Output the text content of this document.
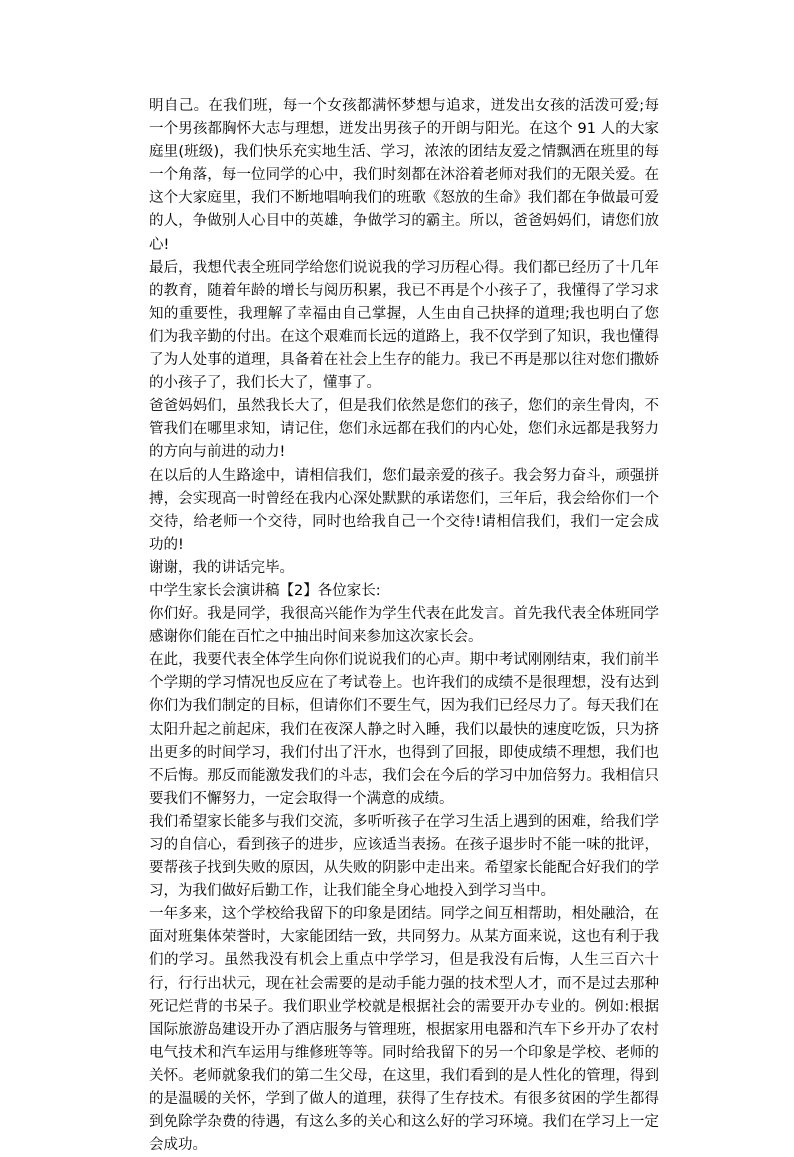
明自己。在我们班，每一个女孩都满怀梦想与追求，迸发出女孩的活泼可爱;每一个男孩都胸怀大志与理想，迸发出男孩子的开朗与阳光。在这个 91 人的大家庭里(班级)，我们快乐充实地生活、学习，浓浓的团结友爱之情飘洒在班里的每一个角落，每一位同学的心中，我们时刻都在沐浴着老师对我们的无限关爱。在这个大家庭里，我们不断地唱响我们的班歌《怒放的生命》我们都在争做最可爱的人，争做别人心目中的英雄，争做学习的霸主。所以，爸爸妈妈们，请您们放心!

最后，我想代表全班同学给您们说说我的学习历程心得。我们都已经历了十几年的教育，随着年龄的增长与阅历积累，我已不再是个小孩子了，我懂得了学习求知的重要性，我理解了幸福由自己掌握，人生由自己抉择的道理;我也明白了您们为我辛勤的付出。在这个艰难而长远的道路上，我不仅学到了知识，我也懂得了为人处事的道理，具备着在社会上生存的能力。我已不再是那以往对您们撒娇的小孩子了，我们长大了，懂事了。

爸爸妈妈们，虽然我长大了，但是我们依然是您们的孩子，您们的亲生骨肉，不管我们在哪里求知，请记住，您们永远都在我们的内心处，您们永远都是我努力的方向与前进的动力!

在以后的人生路途中，请相信我们，您们最亲爱的孩子。我会努力奋斗，顽强拼搏，会实现高一时曾经在我内心深处默默的承诺您们，三年后，我会给你们一个交待，给老师一个交待，同时也给我自己一个交待!请相信我们，我们一定会成功的!

谢谢，我的讲话完毕。

中学生家长会演讲稿【2】各位家长:

你们好。我是同学，我很高兴能作为学生代表在此发言。首先我代表全体班同学感谢你们能在百忙之中抽出时间来参加这次家长会。

在此，我要代表全体学生向你们说说我们的心声。期中考试刚刚结束，我们前半个学期的学习情况也反应在了考试卷上。也许我们的成绩不是很理想，没有达到你们为我们制定的目标，但请你们不要生气，因为我们已经尽力了。每天我们在太阳升起之前起床，我们在夜深人静之时入睡，我们以最快的速度吃饭，只为挤出更多的时间学习，我们付出了汗水，也得到了回报，即使成绩不理想，我们也不后悔。那反而能激发我们的斗志，我们会在今后的学习中加倍努力。我相信只要我们不懈努力，一定会取得一个满意的成绩。

我们希望家长能多与我们交流，多听听孩子在学习生活上遇到的困难，给我们学习的自信心，看到孩子的进步，应该适当表扬。在孩子退步时不能一味的批评，要帮孩子找到失败的原因，从失败的阴影中走出来。希望家长能配合好我们的学习，为我们做好后勤工作，让我们能全身心地投入到学习当中。

一年多来，这个学校给我留下的印象是团结。同学之间互相帮助，相处融洽，在面对班集体荣誉时，大家能团结一致，共同努力。从某方面来说，这也有利于我们的学习。虽然我没有机会上重点中学学习，但是我没有后悔，人生三百六十行，行行出状元，现在社会需要的是动手能力强的技术型人才，而不是过去那种死记烂背的书呆子。我们职业学校就是根据社会的需要开办专业的。例如:根据国际旅游岛建设开办了酒店服务与管理班，根据家用电器和汽车下乡开办了农村电气技术和汽车运用与维修班等等。同时给我留下的另一个印象是学校、老师的关怀。老师就象我们的第二生父母，在这里，我们看到的是人性化的管理，得到的是温暖的关怀，学到了做人的道理，获得了生存技术。有很多贫困的学生都得到免除学杂费的待遇，有这么多的关心和这么好的学习环境。我们在学习上一定会成功。
